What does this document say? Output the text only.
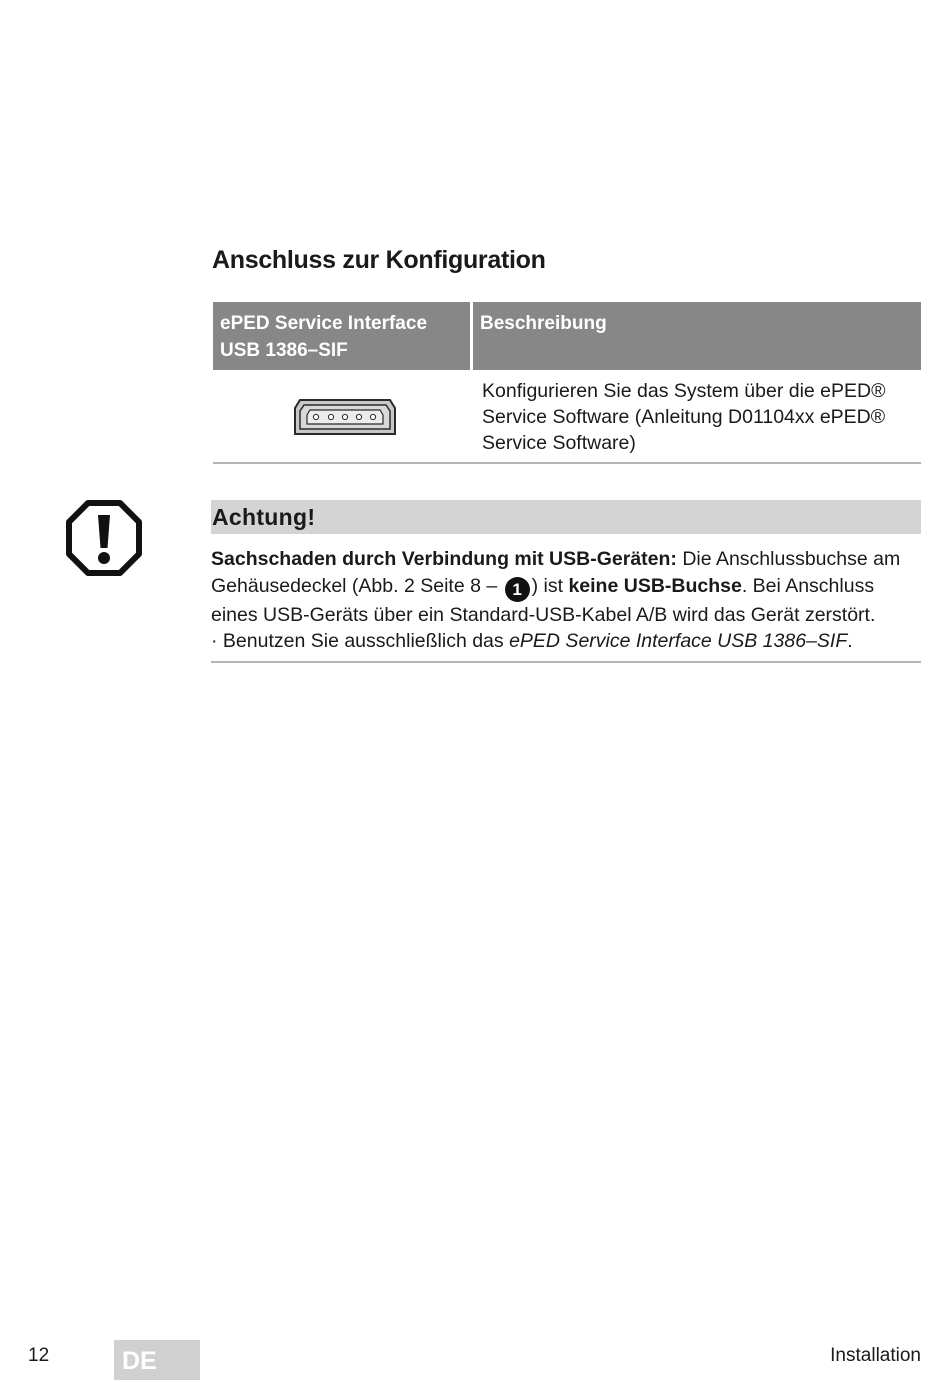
Anschluss zur Konfiguration
ePED Service Interface USB 1386–SIF
Beschreibung
Konfigurieren Sie das System über die ePED® Service Software (Anleitung D01104xx ePED® Service Software)
Achtung!
Sachschaden durch Verbindung mit USB-Geräten: Die Anschlussbuchse am Gehäusedeckel (Abb. 2 Seite 8 – 1 ) ist keine USB-Buchse. Bei Anschluss eines USB-Geräts über ein Standard-USB-Kabel A/B wird das Gerät zerstört.
· Benutzen Sie ausschließlich das ePED Service Interface USB 1386–SIF.
12	DE	Installation
